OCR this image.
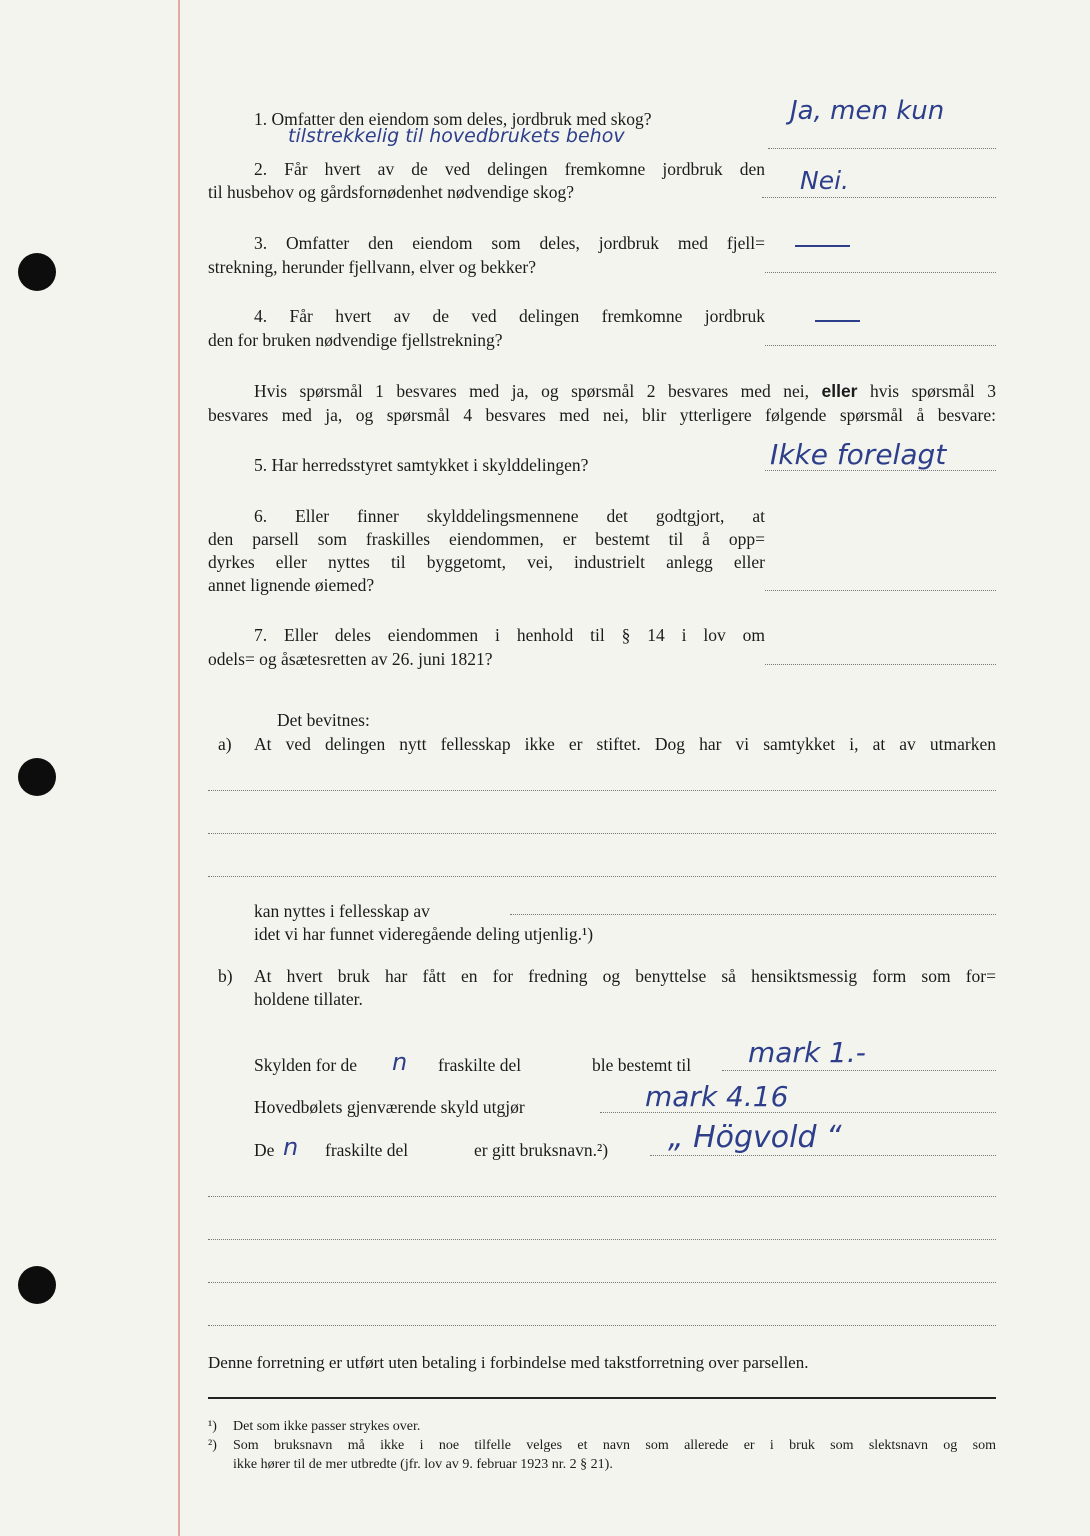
1. Omfatter den eiendom som deles, jordbruk med skog?	Ja, men kun
tilstrekkelig til hovedbrukets behov
2. Får hvert av de ved delingen fremkomne jordbruk den
til husbehov og gårdsfornødenhet nødvendige skog?	Nei.
3. Omfatter den eiendom som deles, jordbruk med fjell=
strekning, herunder fjellvann, elver og bekker?
4. Får hvert av de ved delingen fremkomne jordbruk
den for bruken nødvendige fjellstrekning?
Hvis spørsmål 1 besvares med ja, og spørsmål 2 besvares med nei, eller hvis spørsmål 3
besvares med ja, og spørsmål 4 besvares med nei, blir ytterligere følgende spørsmål å besvare:
5. Har herredsstyret samtykket i skylddelingen?	Ikke forelagt
6. Eller finner skylddelingsmennene det godtgjort, at
den parsell som fraskilles eiendommen, er bestemt til å opp=
dyrkes eller nyttes til byggetomt, vei, industrielt anlegg eller
annet lignende øiemed?
7. Eller deles eiendommen i henhold til § 14 i lov om
odels= og åsætesretten av 26. juni 1821?
Det bevitnes:
a) At ved delingen nytt fellesskap ikke er stiftet. Dog har vi samtykket i, at av utmarken
kan nyttes i fellesskap av
idet vi har funnet videregående deling utjenlig.¹)
b) At hvert bruk har fått en for fredning og benyttelse så hensiktsmessig form som for=
holdene tillater.
Skylden for de n fraskilte del	ble bestemt til mark 1.-
Hovedbølets gjenværende skyld utgjør	mark 4.16
De n fraskilte del	er gitt bruksnavn.²) „ Högvold “
Denne forretning er utført uten betaling i forbindelse med takstforretning over parsellen.
¹) Det som ikke passer strykes over.
²) Som bruksnavn må ikke i noe tilfelle velges et navn som allerede er i bruk som slektsnavn og som
ikke hører til de mer utbredte (jfr. lov av 9. februar 1923 nr. 2 § 21).
